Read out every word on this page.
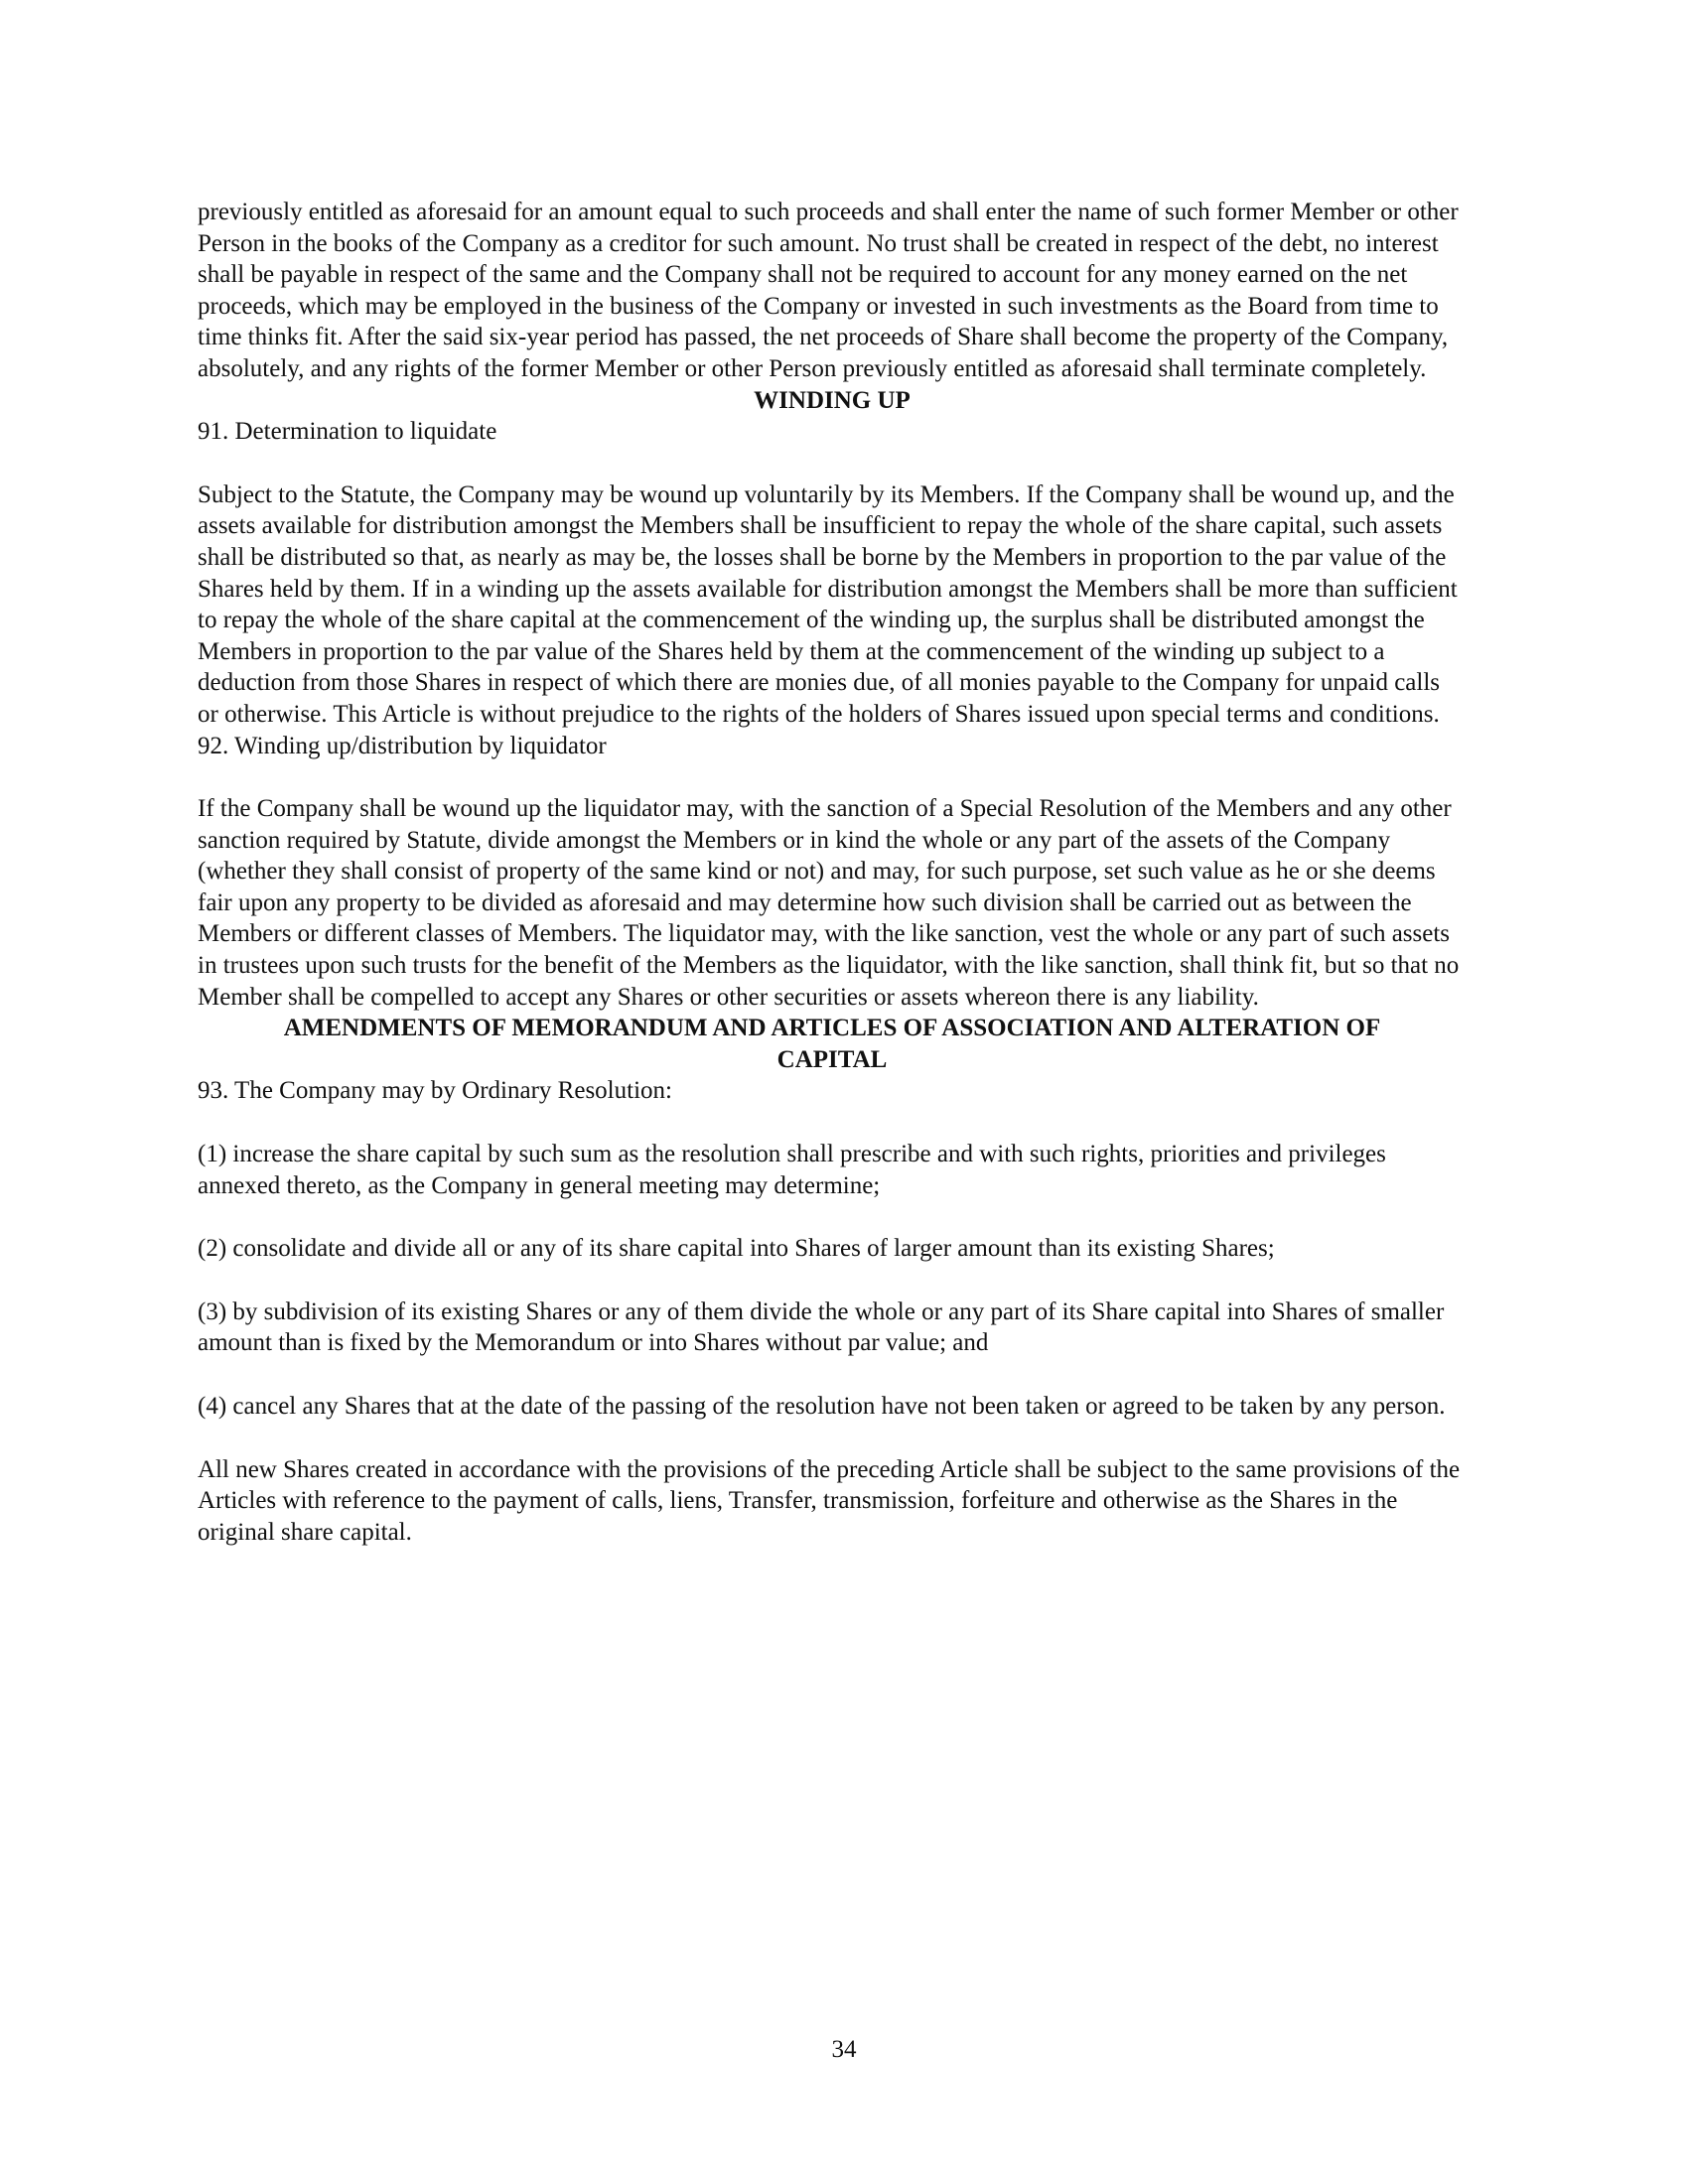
previously entitled as aforesaid for an amount equal to such proceeds and shall enter the name of such former Member or other Person in the books of the Company as a creditor for such amount. No trust shall be created in respect of the debt, no interest shall be payable in respect of the same and the Company shall not be required to account for any money earned on the net proceeds, which may be employed in the business of the Company or invested in such investments as the Board from time to time thinks fit. After the said six-year period has passed, the net proceeds of Share shall become the property of the Company, absolutely, and any rights of the former Member or other Person previously entitled as aforesaid shall terminate completely.

WINDING UP

91. Determination to liquidate

Subject to the Statute, the Company may be wound up voluntarily by its Members. If the Company shall be wound up, and the assets available for distribution amongst the Members shall be insufficient to repay the whole of the share capital, such assets shall be distributed so that, as nearly as may be, the losses shall be borne by the Members in proportion to the par value of the Shares held by them. If in a winding up the assets available for distribution amongst the Members shall be more than sufficient to repay the whole of the share capital at the commencement of the winding up, the surplus shall be distributed amongst the Members in proportion to the par value of the Shares held by them at the commencement of the winding up subject to a deduction from those Shares in respect of which there are monies due, of all monies payable to the Company for unpaid calls or otherwise. This Article is without prejudice to the rights of the holders of Shares issued upon special terms and conditions.

92. Winding up/distribution by liquidator

If the Company shall be wound up the liquidator may, with the sanction of a Special Resolution of the Members and any other sanction required by Statute, divide amongst the Members or in kind the whole or any part of the assets of the Company (whether they shall consist of property of the same kind or not) and may, for such purpose, set such value as he or she deems fair upon any property to be divided as aforesaid and may determine how such division shall be carried out as between the Members or different classes of Members. The liquidator may, with the like sanction, vest the whole or any part of such assets in trustees upon such trusts for the benefit of the Members as the liquidator, with the like sanction, shall think fit, but so that no Member shall be compelled to accept any Shares or other securities or assets whereon there is any liability.

AMENDMENTS OF MEMORANDUM AND ARTICLES OF ASSOCIATION AND ALTERATION OF CAPITAL

93. The Company may by Ordinary Resolution:

(1) increase the share capital by such sum as the resolution shall prescribe and with such rights, priorities and privileges annexed thereto, as the Company in general meeting may determine;

(2) consolidate and divide all or any of its share capital into Shares of larger amount than its existing Shares;

(3) by subdivision of its existing Shares or any of them divide the whole or any part of its Share capital into Shares of smaller amount than is fixed by the Memorandum or into Shares without par value; and

(4) cancel any Shares that at the date of the passing of the resolution have not been taken or agreed to be taken by any person.

All new Shares created in accordance with the provisions of the preceding Article shall be subject to the same provisions of the Articles with reference to the payment of calls, liens, Transfer, transmission, forfeiture and otherwise as the Shares in the original share capital.

34
